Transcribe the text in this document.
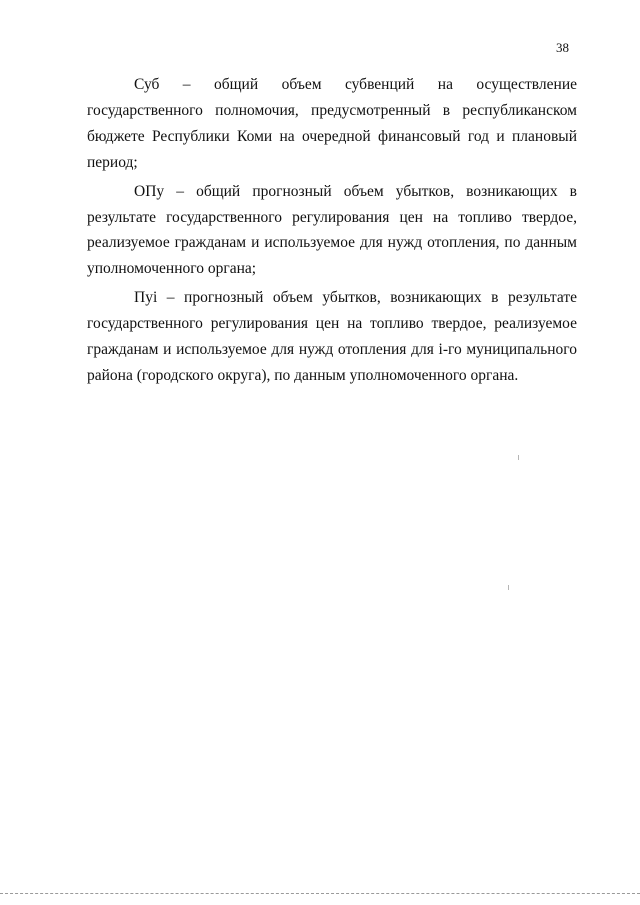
38

Суб – общий объем субвенций на осуществление государственного полномочия, предусмотренный в республиканском бюджете Республики Коми на очередной финансовый год и плановый период;

ОПу – общий прогнозный объем убытков, возникающих в результате государственного регулирования цен на топливо твердое, реализуемое гражданам и используемое для нужд отопления, по данным уполномоченного органа;

Пуi – прогнозный объем убытков, возникающих в результате государственного регулирования цен на топливо твердое, реализуемое гражданам и используемое для нужд отопления для i-го муниципального района (городского округа), по данным уполномоченного органа.
